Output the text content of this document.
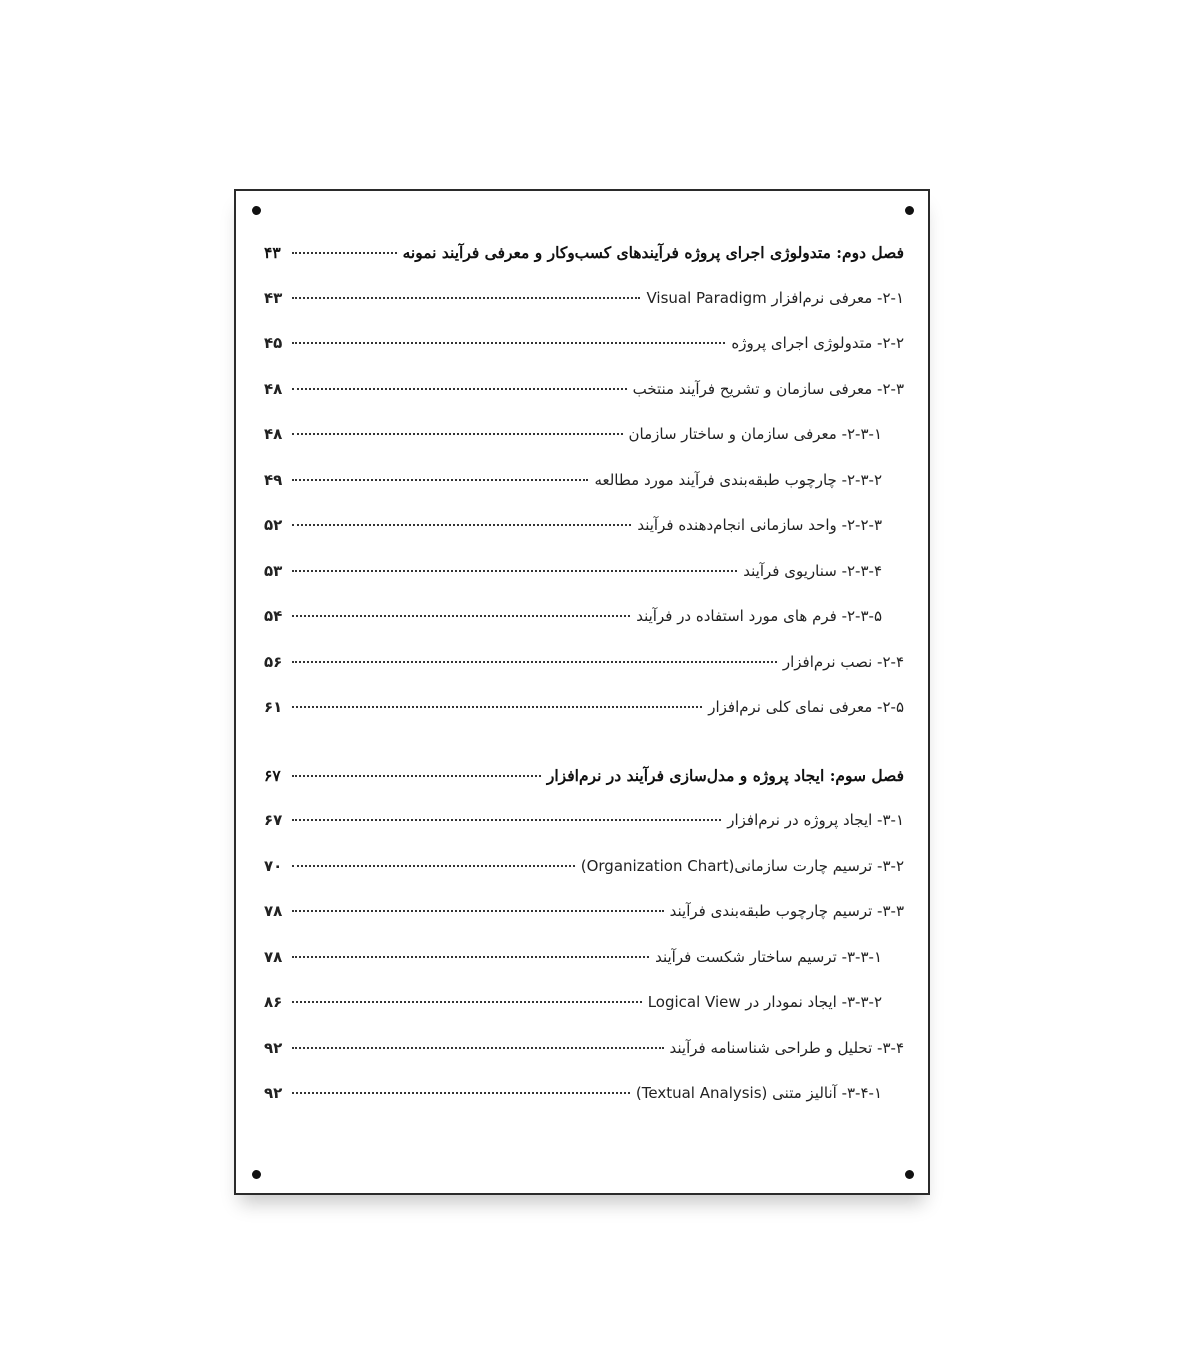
فصل دوم: متدولوژی اجرای پروژه فرآیندهای کسب‌وکار و معرفی فرآیند نمونه
۴۳
۲-۱- معرفی نرم‌افزار Visual Paradigm
۴۳
۲-۲- متدولوژی اجرای پروژه
۴۵
۲-۳- معرفی سازمان و تشریح فرآیند منتخب
۴۸
۲-۳-۱- معرفی سازمان و ساختار سازمان
۴۸
۲-۳-۲- چارچوب طبقه‌بندی فرآیند مورد مطالعه
۴۹
۲-۲-۳- واحد سازمانی انجام‌دهنده فرآیند
۵۲
۲-۳-۴- سناریوی فرآیند
۵۳
۲-۳-۵- فرم های مورد استفاده در فرآیند
۵۴
۲-۴- نصب نرم‌افزار
۵۶
۲-۵- معرفی نمای کلی نرم‌افزار
۶۱
فصل سوم: ایجاد پروژه و مدل‌سازی فرآیند در نرم‌افزار
۶۷
۳-۱- ایجاد پروژه در نرم‌افزار
۶۷
۳-۲- ترسیم چارت سازمانی(Organization Chart)
۷۰
۳-۳- ترسیم چارچوب طبقه‌بندی فرآیند
۷۸
۳-۳-۱- ترسیم ساختار شکست فرآیند
۷۸
۳-۳-۲- ایجاد نمودار در Logical View
۸۶
۳-۴- تحلیل و طراحی شناسنامه فرآیند
۹۲
۳-۴-۱- آنالیز متنی (Textual Analysis)
۹۲
